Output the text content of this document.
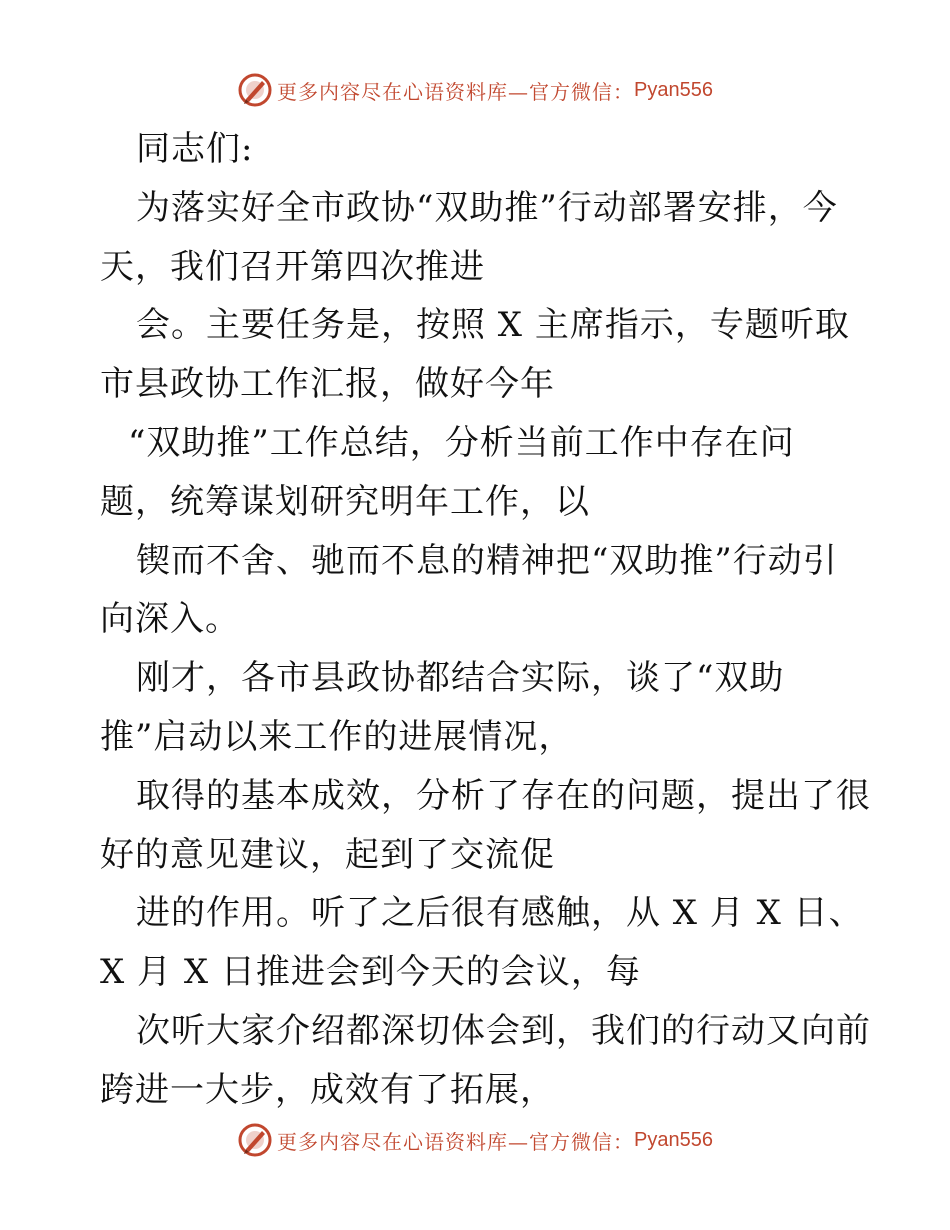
更多内容尽在心语资料库—官方微信： Pyan556
同志们:
为落实好全市政协“双助推”行动部署安排，今
天，我们召开第四次推进
会。主要任务是，按照 X 主席指示，专题听取
市县政协工作汇报，做好今年
“双助推”工作总结，分析当前工作中存在问
题，统筹谋划研究明年工作，以
锲而不舍、驰而不息的精神把“双助推”行动引
向深入。
刚才，各市县政协都结合实际，谈了“双助
推”启动以来工作的进展情况，
取得的基本成效，分析了存在的问题，提出了很
好的意见建议，起到了交流促
进的作用。听了之后很有感触，从 X 月 X 日、
X 月 X 日推进会到今天的会议，每
次听大家介绍都深切体会到，我们的行动又向前
跨进一大步，成效有了拓展，
更多内容尽在心语资料库—官方微信： Pyan556
